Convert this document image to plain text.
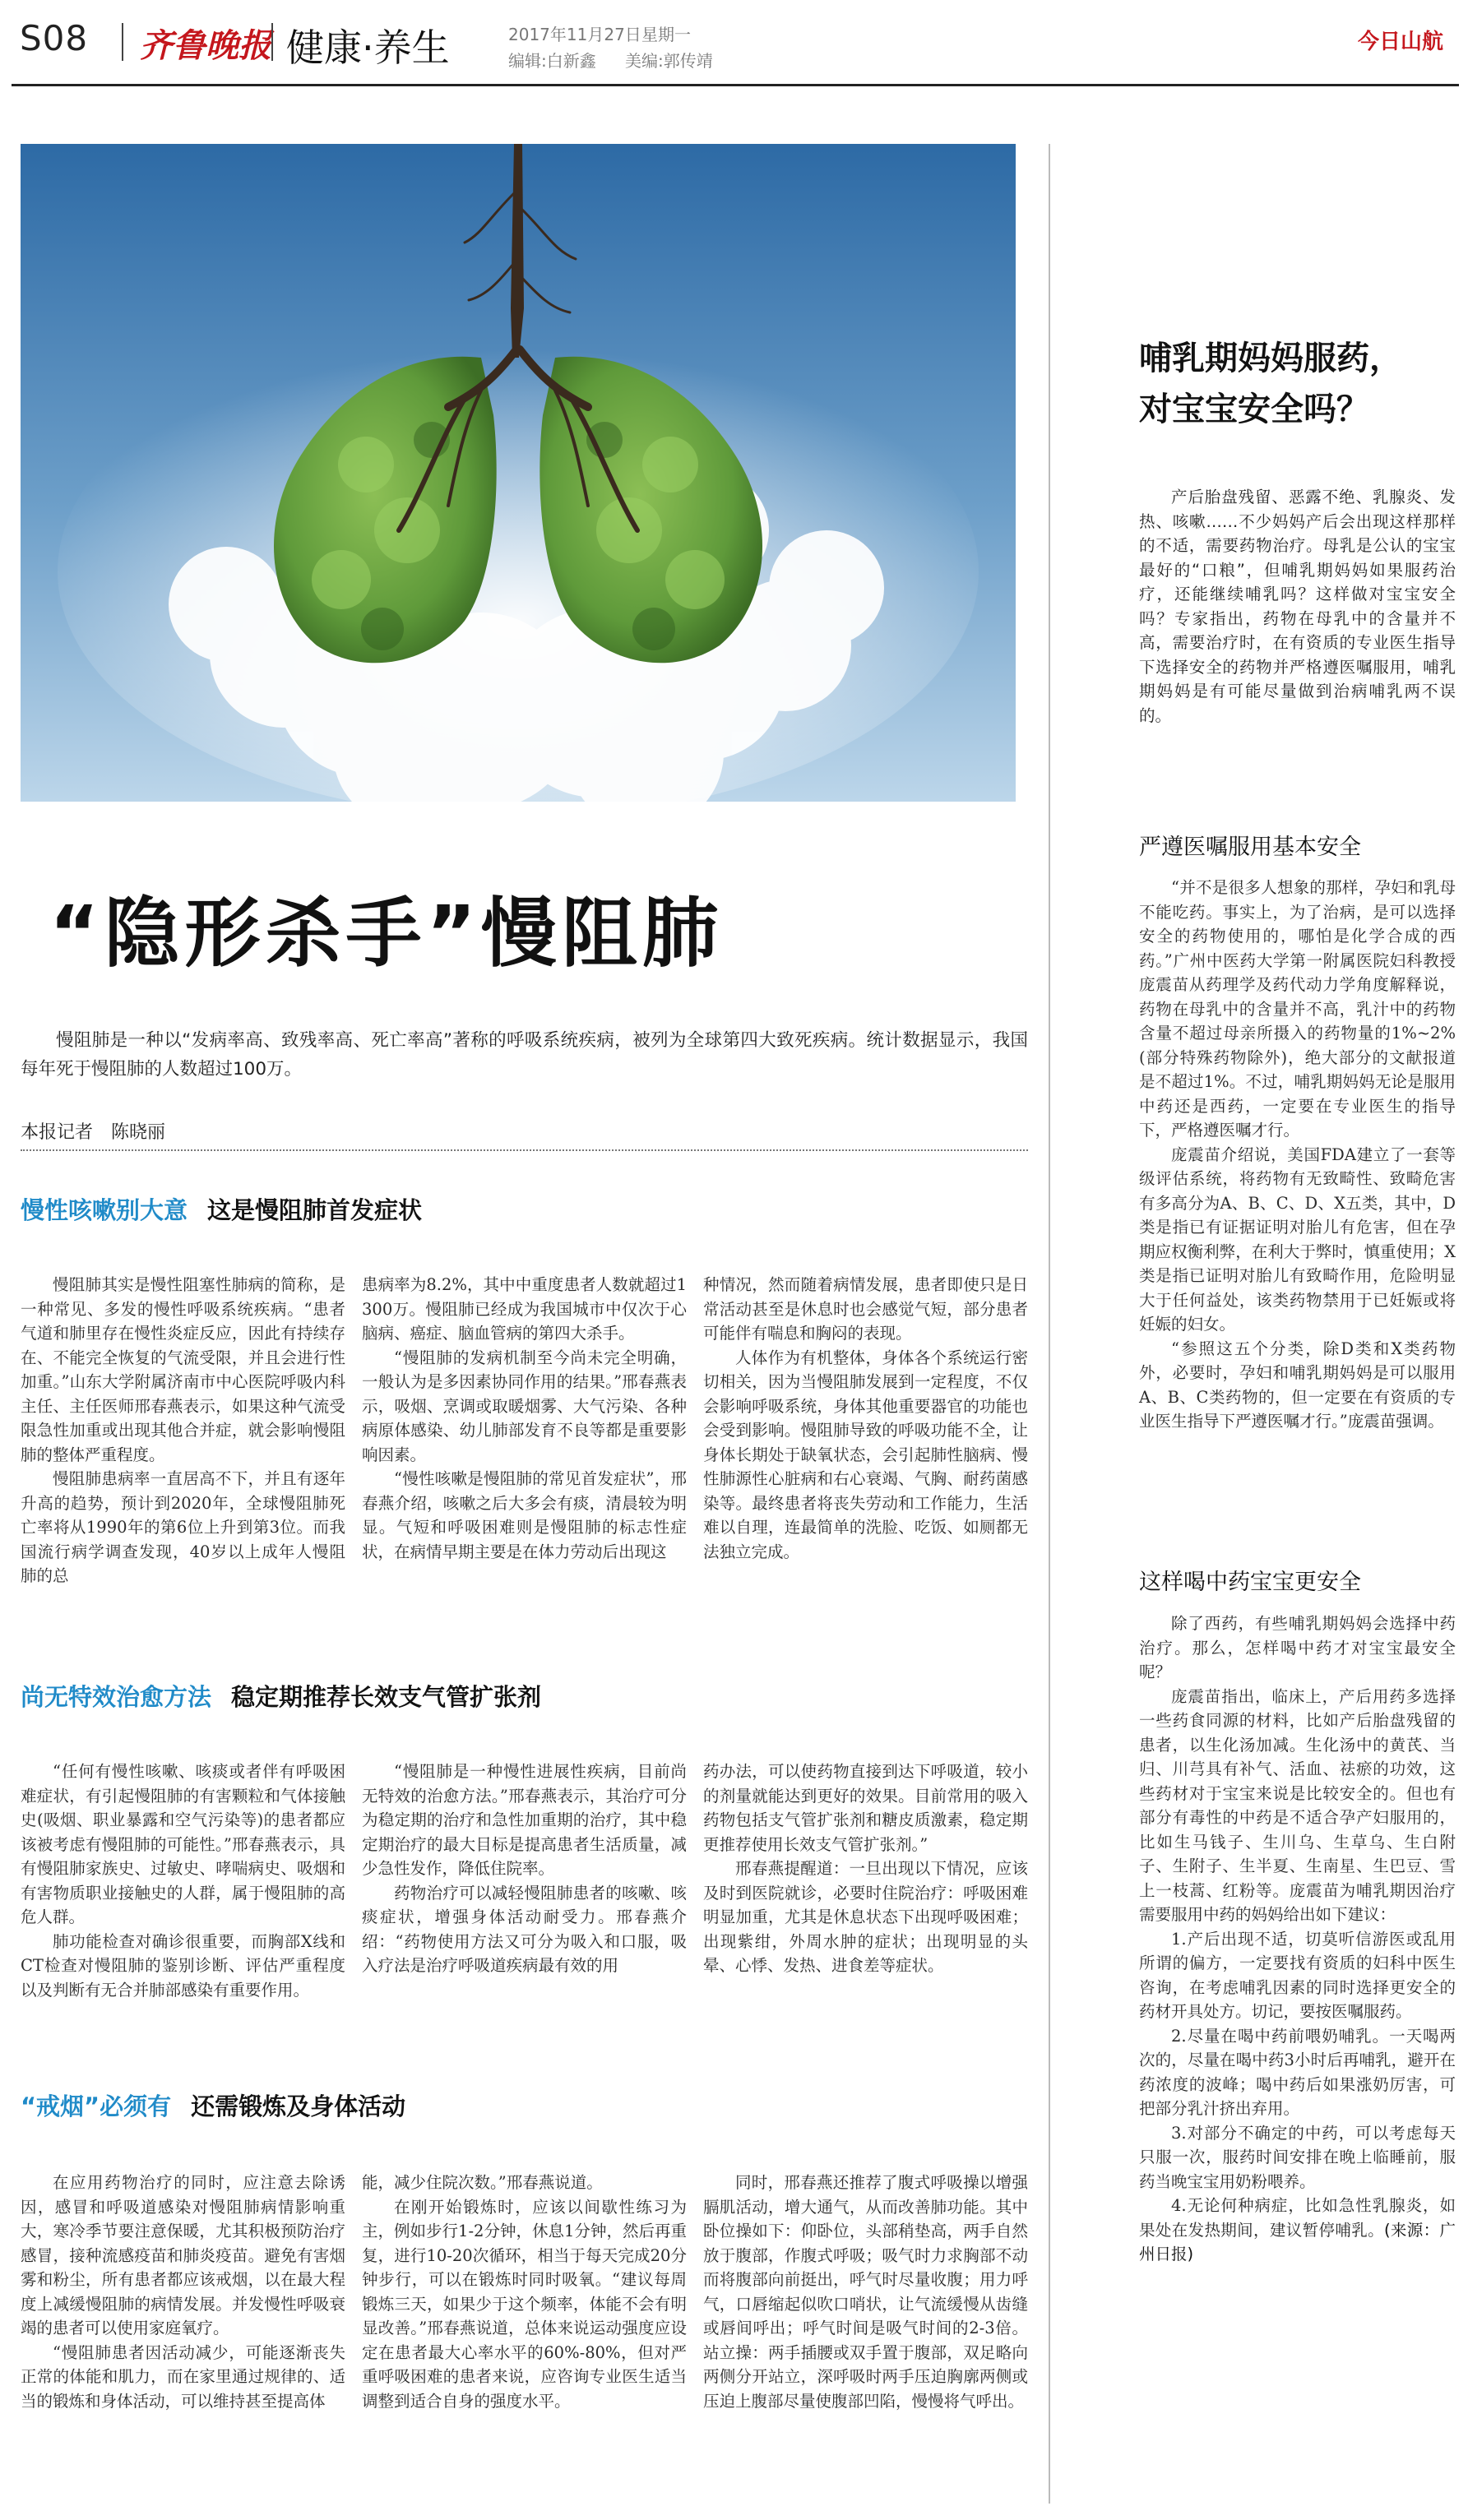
S08 齐鲁晚报 健康·养生	2017年11月27日 星期一
编辑:白新鑫 美编:郭传靖
今日山航
“隐形杀手”慢阻肺
慢阻肺是一种以“发病率高、致残率高、死亡率高”著称的呼吸系统疾病，被列为全球第四大致死疾病。统计数据显示，我国每年死于慢阻肺的人数超过100万。
本报记者　陈晓丽
慢性咳嗽别大意 这是慢阻肺首发症状

慢阻肺其实是慢性阻塞性肺病的简称，是一种常见、多发的慢性呼吸系统疾病。“患者气道和肺里存在慢性炎症反应，因此有持续存在、不能完全恢复的气流受限，并且会进行性加重。”山东大学附属济南市中心医院呼吸内科主任、主任医师邢春燕表示，如果这种气流受限急性加重或出现其他合并症，就会影响慢阻肺的整体严重程度。

慢阻肺患病率一直居高不下，并且有逐年升高的趋势，预计到2020年，全球慢阻肺死亡率将从1990年的第6位上升到第3位。而我国流行病学调查发现，40岁以上成年人慢阻肺的总

患病率为8.2%，其中中重度患者人数就超过1300万。慢阻肺已经成为我国城市中仅次于心脑病、癌症、脑血管病的第四大杀手。

“慢阻肺的发病机制至今尚未完全明确，一般认为是多因素协同作用的结果。”邢春燕表示，吸烟、烹调或取暖烟雾、大气污染、各种病原体感染、幼儿肺部发育不良等都是重要影响因素。

“慢性咳嗽是慢阻肺的常见首发症状”，邢春燕介绍，咳嗽之后大多会有痰，清晨较为明显。气短和呼吸困难则是慢阻肺的标志性症状，在病情早期主要是在体力劳动后出现这

种情况，然而随着病情发展，患者即使只是日常活动甚至是休息时也会感觉气短，部分患者可能伴有喘息和胸闷的表现。

人体作为有机整体，身体各个系统运行密切相关，因为当慢阻肺发展到一定程度，不仅会影响呼吸系统，身体其他重要器官的功能也会受到影响。慢阻肺导致的呼吸功能不全，让身体长期处于缺氧状态，会引起肺性脑病、慢性肺源性心脏病和右心衰竭、气胸、耐药菌感染等。最终患者将丧失劳动和工作能力，生活难以自理，连最简单的洗脸、吃饭、如厕都无法独立完成。

尚无特效治愈方法 稳定期推荐长效支气管扩张剂

“任何有慢性咳嗽、咳痰或者伴有呼吸困难症状，有引起慢阻肺的有害颗粒和气体接触史(吸烟、职业暴露和空气污染等)的患者都应该被考虑有慢阻肺的可能性。”邢春燕表示，具有慢阻肺家族史、过敏史、哮喘病史、吸烟和有害物质职业接触史的人群，属于慢阻肺的高危人群。

肺功能检查对确诊很重要，而胸部X线和CT检查对慢阻肺的鉴别诊断、评估严重程度以及判断有无合并肺部感染有重要作用。

“慢阻肺是一种慢性进展性疾病，目前尚无特效的治愈方法。”邢春燕表示，其治疗可分为稳定期的治疗和急性加重期的治疗，其中稳定期治疗的最大目标是提高患者生活质量，减少急性发作，降低住院率。

药物治疗可以减轻慢阻肺患者的咳嗽、咳痰症状，增强身体活动耐受力。邢春燕介绍：“药物使用方法又可分为吸入和口服，吸入疗法是治疗呼吸道疾病最有效的用

药办法，可以使药物直接到达下呼吸道，较小的剂量就能达到更好的效果。目前常用的吸入药物包括支气管扩张剂和糖皮质激素，稳定期更推荐使用长效支气管扩张剂。”

邢春燕提醒道：一旦出现以下情况，应该及时到医院就诊，必要时住院治疗：呼吸困难明显加重，尤其是休息状态下出现呼吸困难；出现紫绀，外周水肿的症状；出现明显的头晕、心悸、发热、进食差等症状。

“戒烟”必须有 还需锻炼及身体活动

在应用药物治疗的同时，应注意去除诱因，感冒和呼吸道感染对慢阻肺病情影响重大，寒冷季节要注意保暖，尤其积极预防治疗感冒，接种流感疫苗和肺炎疫苗。避免有害烟雾和粉尘，所有患者都应该戒烟，以在最大程度上减缓慢阻肺的病情发展。并发慢性呼吸衰竭的患者可以使用家庭氧疗。

“慢阻肺患者因活动减少，可能逐渐丧失正常的体能和肌力，而在家里通过规律的、适当的锻炼和身体活动，可以维持甚至提高体

能，减少住院次数。”邢春燕说道。

在刚开始锻炼时，应该以间歇性练习为主，例如步行1-2分钟，休息1分钟，然后再重复，进行10-20次循环，相当于每天完成20分钟步行，可以在锻炼时同时吸氧。“建议每周锻炼三天，如果少于这个频率，体能不会有明显改善。”邢春燕说道，总体来说运动强度应设定在患者最大心率水平的60%-80%，但对严重呼吸困难的患者来说，应咨询专业医生适当调整到适合自身的强度水平。

同时，邢春燕还推荐了腹式呼吸操以增强膈肌活动，增大通气，从而改善肺功能。其中卧位操如下：仰卧位，头部稍垫高，两手自然放于腹部，作腹式呼吸；吸气时力求胸部不动而将腹部向前挺出，呼气时尽量收腹；用力呼气，口唇缩起似吹口哨状，让气流缓慢从齿缝或唇间呼出；呼气时间是吸气时间的2-3倍。站立操：两手插腰或双手置于腹部，双足略向两侧分开站立，深呼吸时两手压迫胸廓两侧或压迫上腹部尽量使腹部凹陷，慢慢将气呼出。

哺乳期妈妈服药，
对宝宝安全吗？
产后胎盘残留、恶露不绝、乳腺炎、发热、咳嗽……不少妈妈产后会出现这样那样的不适，需要药物治疗。母乳是公认的宝宝最好的“口粮”，但哺乳期妈妈如果服药治疗，还能继续哺乳吗？这样做对宝宝安全吗？专家指出，药物在母乳中的含量并不高，需要治疗时，在有资质的专业医生指导下选择安全的药物并严格遵医嘱服用，哺乳期妈妈是有可能尽量做到治病哺乳两不误的。
严遵医嘱服用基本安全

“并不是很多人想象的那样，孕妇和乳母不能吃药。事实上，为了治病，是可以选择安全的药物使用的，哪怕是化学合成的西药。”广州中医药大学第一附属医院妇科教授庞震苗从药理学及药代动力学角度解释说，药物在母乳中的含量并不高，乳汁中的药物含量不超过母亲所摄入的药物量的1%~2%(部分特殊药物除外)，绝大部分的文献报道是不超过1%。不过，哺乳期妈妈无论是服用中药还是西药，一定要在专业医生的指导下，严格遵医嘱才行。

庞震苗介绍说，美国FDA建立了一套等级评估系统，将药物有无致畸性、致畸危害有多高分为A、B、C、D、X五类，其中，D类是指已有证据证明对胎儿有危害，但在孕期应权衡利弊，在利大于弊时，慎重使用；X类是指已证明对胎儿有致畸作用，危险明显大于任何益处，该类药物禁用于已妊娠或将妊娠的妇女。

“参照这五个分类，除D类和X类药物外，必要时，孕妇和哺乳期妈妈是可以服用A、B、C类药物的，但一定要在有资质的专业医生指导下严遵医嘱才行。”庞震苗强调。

这样喝中药宝宝更安全

除了西药，有些哺乳期妈妈会选择中药治疗。那么，怎样喝中药才对宝宝最安全呢？

庞震苗指出，临床上，产后用药多选择一些药食同源的材料，比如产后胎盘残留的患者，以生化汤加减。生化汤中的黄芪、当归、川芎具有补气、活血、祛瘀的功效，这些药材对于宝宝来说是比较安全的。但也有部分有毒性的中药是不适合孕产妇服用的，比如生马钱子、生川乌、生草乌、生白附子、生附子、生半夏、生南星、生巴豆、雪上一枝蒿、红粉等。庞震苗为哺乳期因治疗需要服用中药的妈妈给出如下建议：

1.产后出现不适，切莫听信游医或乱用所谓的偏方，一定要找有资质的妇科中医生咨询，在考虑哺乳因素的同时选择更安全的药材开具处方。切记，要按医嘱服药。

2.尽量在喝中药前喂奶哺乳。一天喝两次的，尽量在喝中药3小时后再哺乳，避开在药浓度的波峰；喝中药后如果涨奶厉害，可把部分乳汁挤出弃用。

3.对部分不确定的中药，可以考虑每天只服一次，服药时间安排在晚上临睡前，服药当晚宝宝用奶粉喂养。

4.无论何种病症，比如急性乳腺炎，如果处在发热期间，建议暂停哺乳。(来源：广州日报)
